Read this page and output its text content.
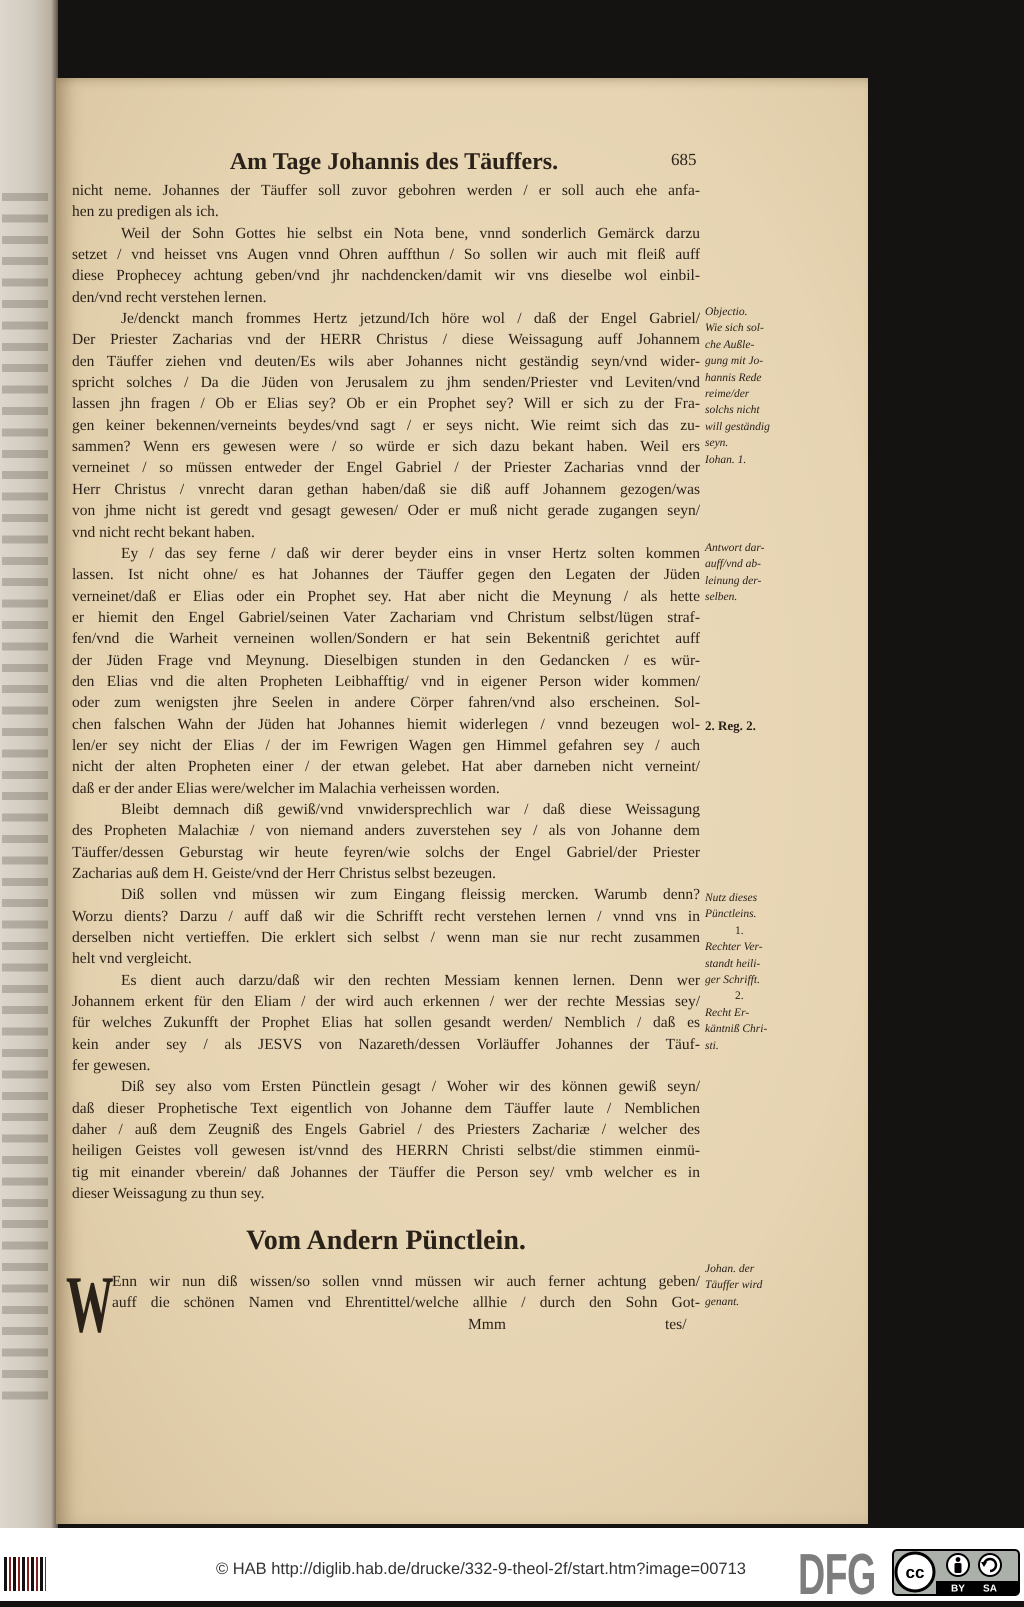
Am Tage Johannis des Täuffers.	685
nicht neme. Johannes der Täuffer soll zuvor gebohren werden / er soll auch ehe anfa-
hen zu predigen als ich.
Weil der Sohn Gottes hie selbst ein Nota bene, vnnd sonderlich Gemärck darzu
setzet / vnd heisset vns Augen vnnd Ohren auffthun / So sollen wir auch mit fleiß auff
diese Prophecey achtung geben/vnd jhr nachdencken/damit wir vns dieselbe wol einbil-
den/vnd recht verstehen lernen.
Je/denckt manch frommes Hertz jetzund/Ich höre wol / daß der Engel Gabriel/
Der Priester Zacharias vnd der HERR Christus / diese Weissagung auff Johannem
den Täuffer ziehen vnd deuten/Es wils aber Johannes nicht geständig seyn/vnd wider-
spricht solches / Da die Jüden von Jerusalem zu jhm senden/Priester vnd Leviten/vnd
lassen jhn fragen / Ob er Elias sey? Ob er ein Prophet sey? Will er sich zu der Fra-
gen keiner bekennen/verneints beydes/vnd sagt / er seys nicht. Wie reimt sich das zu-
sammen? Wenn ers gewesen were / so würde er sich dazu bekant haben. Weil ers
verneinet / so müssen entweder der Engel Gabriel / der Priester Zacharias vnnd der
Herr Christus / vnrecht daran gethan haben/daß sie diß auff Johannem gezogen/was
von jhme nicht ist geredt vnd gesagt gewesen/ Oder er muß nicht gerade zugangen seyn/
vnd nicht recht bekant haben.
Ey / das sey ferne / daß wir derer beyder eins in vnser Hertz solten kommen
lassen. Ist nicht ohne/ es hat Johannes der Täuffer gegen den Legaten der Jüden
verneinet/daß er Elias oder ein Prophet sey. Hat aber nicht die Meynung / als hette
er hiemit den Engel Gabriel/seinen Vater Zachariam vnd Christum selbst/lügen straf-
fen/vnd die Warheit verneinen wollen/Sondern er hat sein Bekentniß gerichtet auff
der Jüden Frage vnd Meynung. Dieselbigen stunden in den Gedancken / es wür-
den Elias vnd die alten Propheten Leibhafftig/ vnd in eigener Person wider kommen/
oder zum wenigsten jhre Seelen in andere Cörper fahren/vnd also erscheinen. Sol-
chen falschen Wahn der Jüden hat Johannes hiemit widerlegen / vnnd bezeugen wol-
len/er sey nicht der Elias / der im Fewrigen Wagen gen Himmel gefahren sey / auch
nicht der alten Propheten einer / der etwan gelebet. Hat aber darneben nicht verneint/
daß er der ander Elias were/welcher im Malachia verheissen worden.
Bleibt demnach diß gewiß/vnd vnwidersprechlich war / daß diese Weissagung
des Propheten Malachiæ / von niemand anders zuverstehen sey / als von Johanne dem
Täuffer/dessen Geburstag wir heute feyren/wie solchs der Engel Gabriel/der Priester
Zacharias auß dem H. Geiste/vnd der Herr Christus selbst bezeugen.
Diß sollen vnd müssen wir zum Eingang fleissig mercken. Warumb denn?
Worzu dients? Darzu / auff daß wir die Schrifft recht verstehen lernen / vnnd vns in
derselben nicht vertieffen. Die erklert sich selbst / wenn man sie nur recht zusammen
helt vnd vergleicht.
Es dient auch darzu/daß wir den rechten Messiam kennen lernen. Denn wer
Johannem erkent für den Eliam / der wird auch erkennen / wer der rechte Messias sey/
für welches Zukunfft der Prophet Elias hat sollen gesandt werden/ Nemblich / daß es
kein ander sey / als JESVS von Nazareth/dessen Vorläuffer Johannes der Täuf-
fer gewesen.
Diß sey also vom Ersten Pünctlein gesagt / Woher wir des können gewiß seyn/
daß dieser Prophetische Text eigentlich von Johanne dem Täuffer laute / Nemblichen
daher / auß dem Zeugniß des Engels Gabriel / des Priesters Zachariæ / welcher des
heiligen Geistes voll gewesen ist/vnnd des HERRN Christi selbst/die stimmen einmü-
tig mit einander vberein/ daß Johannes der Täuffer die Person sey/ vmb welcher es in
dieser Weissagung zu thun sey.
Objectio.
Wie sich sol-
che Außle-
gung mit Jo-
hannis Rede
reime/der
solchs nicht
will geständig
seyn.
Iohan. 1.
Antwort dar-
auff/vnd ab-
leinung der-
selben.
2. Reg. 2.
Nutz dieses
Pünctleins.
1.
Rechter Ver-
standt heili-
ger Schrifft.
2.
Recht Er-
käntniß Chri-
sti.
Johan. der
Täuffer wird
genant.
Vom Andern Pünctlein.
W
Enn wir nun diß wissen/so sollen vnnd müssen wir auch ferner achtung geben/
auff die schönen Namen vnd Ehrentittel/welche allhie / durch den Sohn Got-
Mmm	tes/
© HAB http://diglib.hab.de/drucke/332-9-theol-2f/start.htm?image=00713 DFG cc
BY SA
